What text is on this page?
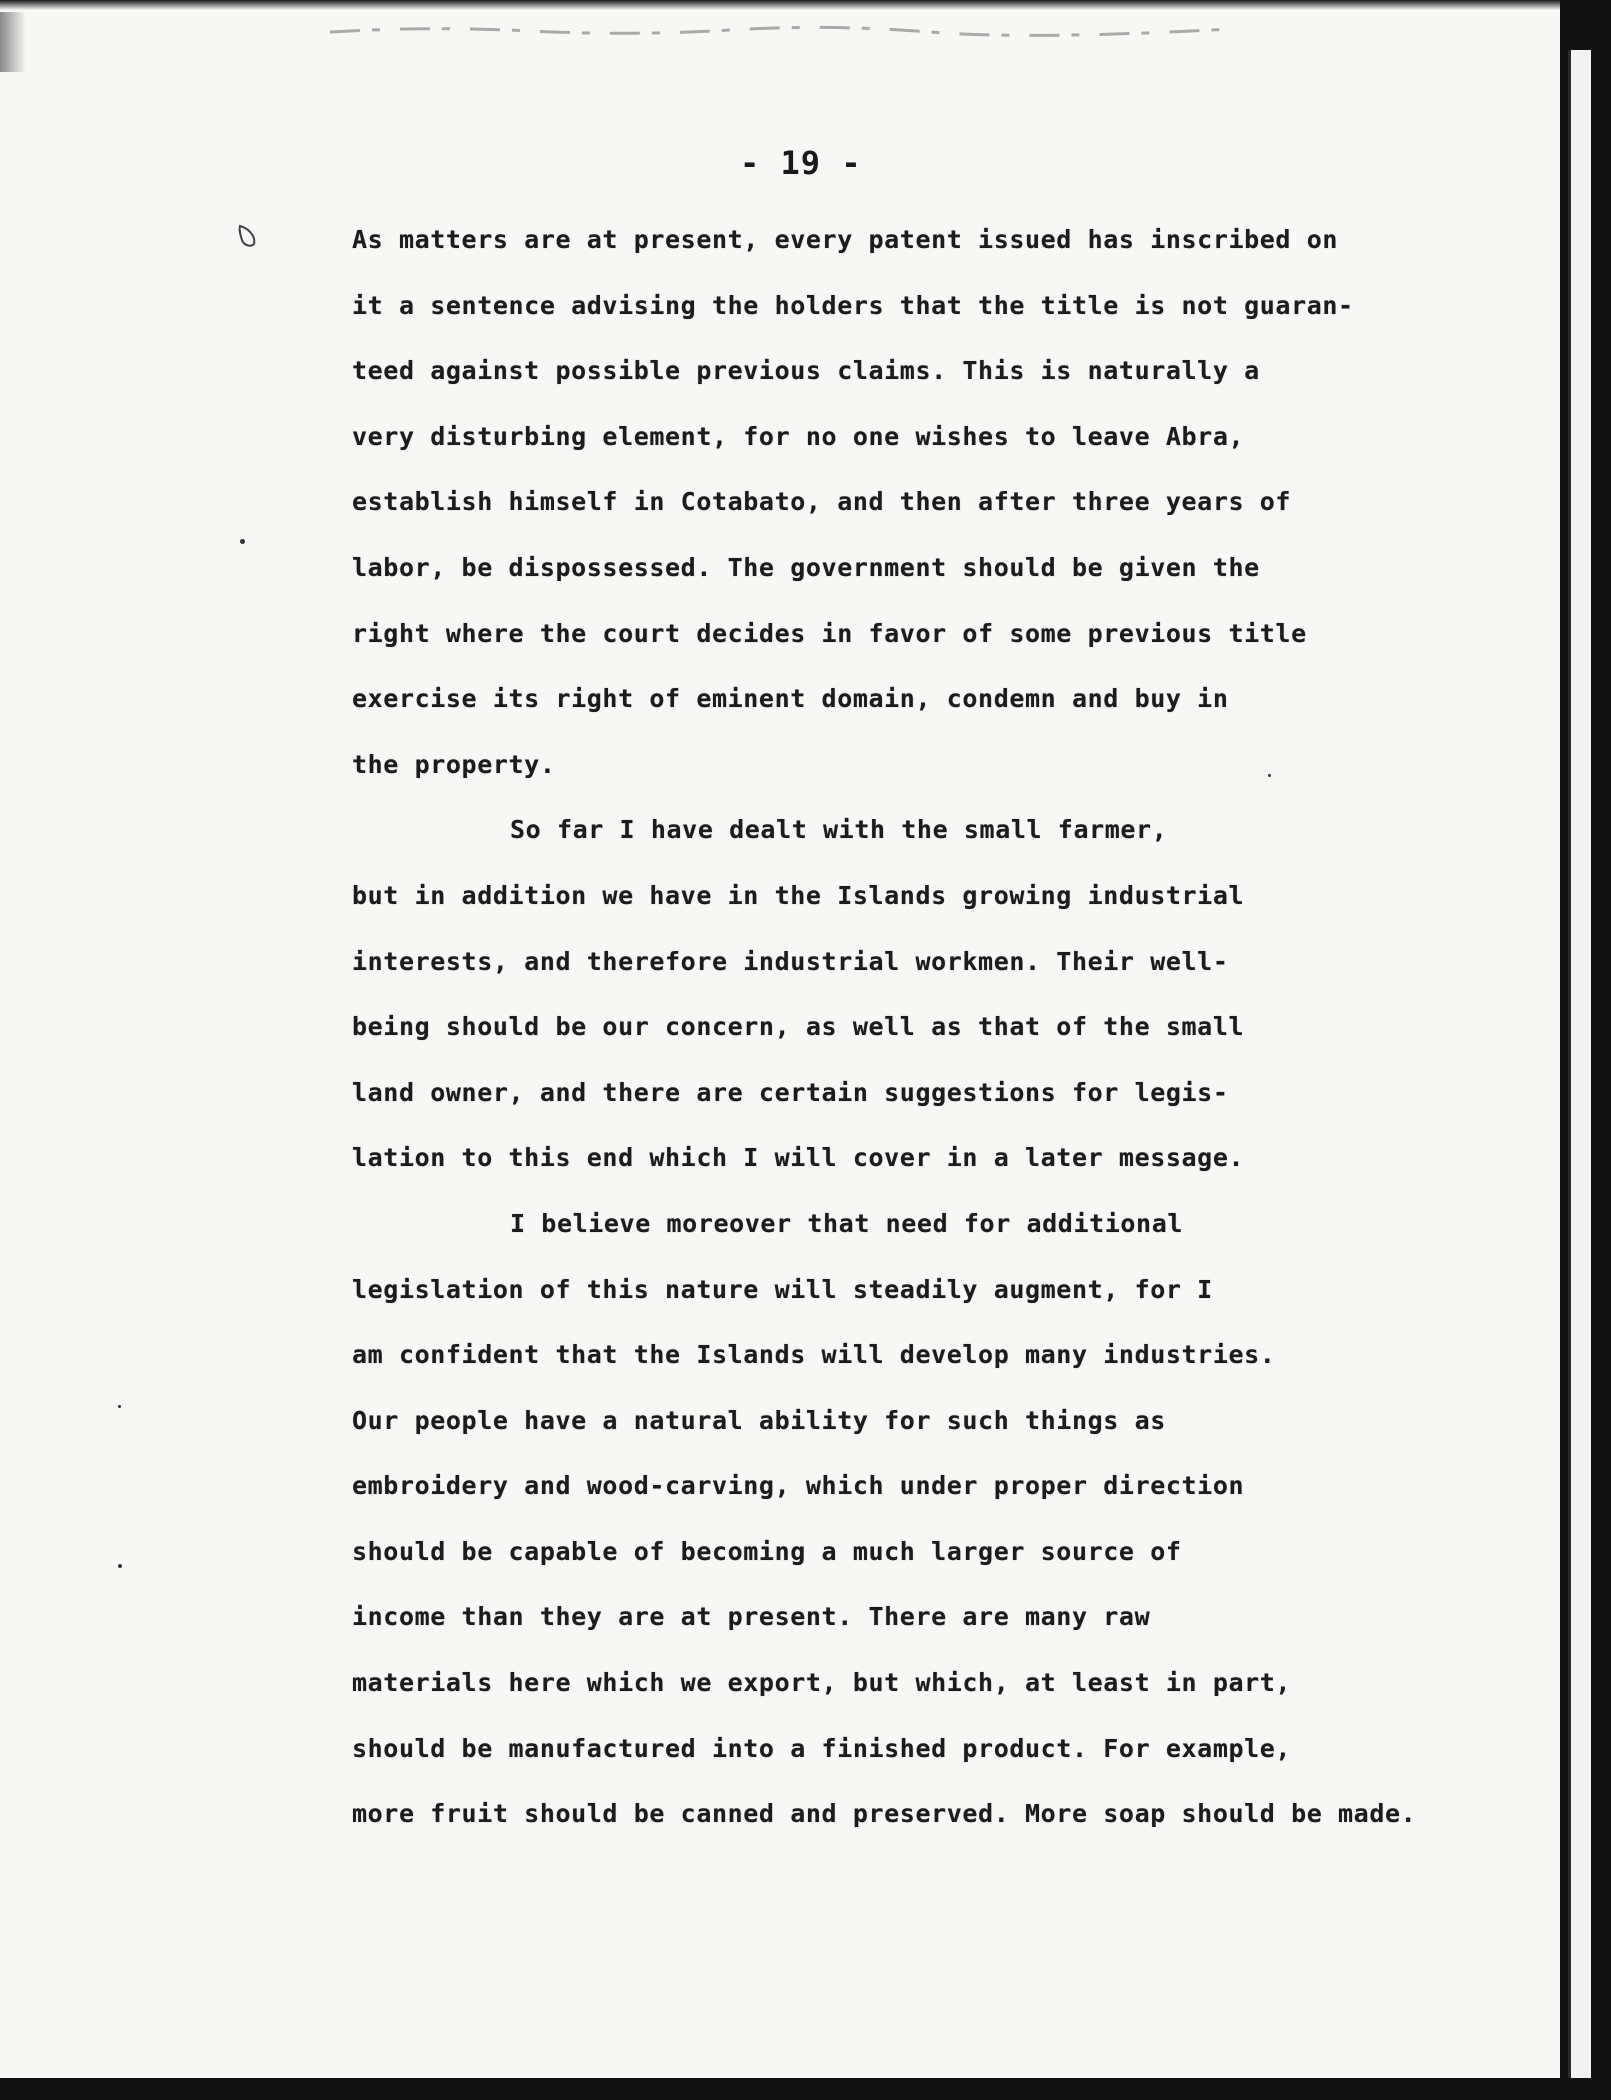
- 19 -
As matters are at present, every patent issued has inscribed on
it a sentence advising the holders that the title is not guaran-
teed against possible previous claims. This is naturally a
very disturbing element, for no one wishes to leave Abra,
establish himself in Cotabato, and then after three years of
labor, be dispossessed. The government should be given the
right where the court decides in favor of some previous title
exercise its right of eminent domain, condemn and buy in
the property.
So far I have dealt with the small farmer,
but in addition we have in the Islands growing industrial
interests, and therefore industrial workmen. Their well-
being should be our concern, as well as that of the small
land owner, and there are certain suggestions for legis-
lation to this end which I will cover in a later message.
I believe moreover that need for additional
legislation of this nature will steadily augment, for I
am confident that the Islands will develop many industries.
Our people have a natural ability for such things as
embroidery and wood-carving, which under proper direction
should be capable of becoming a much larger source of
income than they are at present. There are many raw
materials here which we export, but which, at least in part,
should be manufactured into a finished product. For example,
more fruit should be canned and preserved. More soap should be made.
